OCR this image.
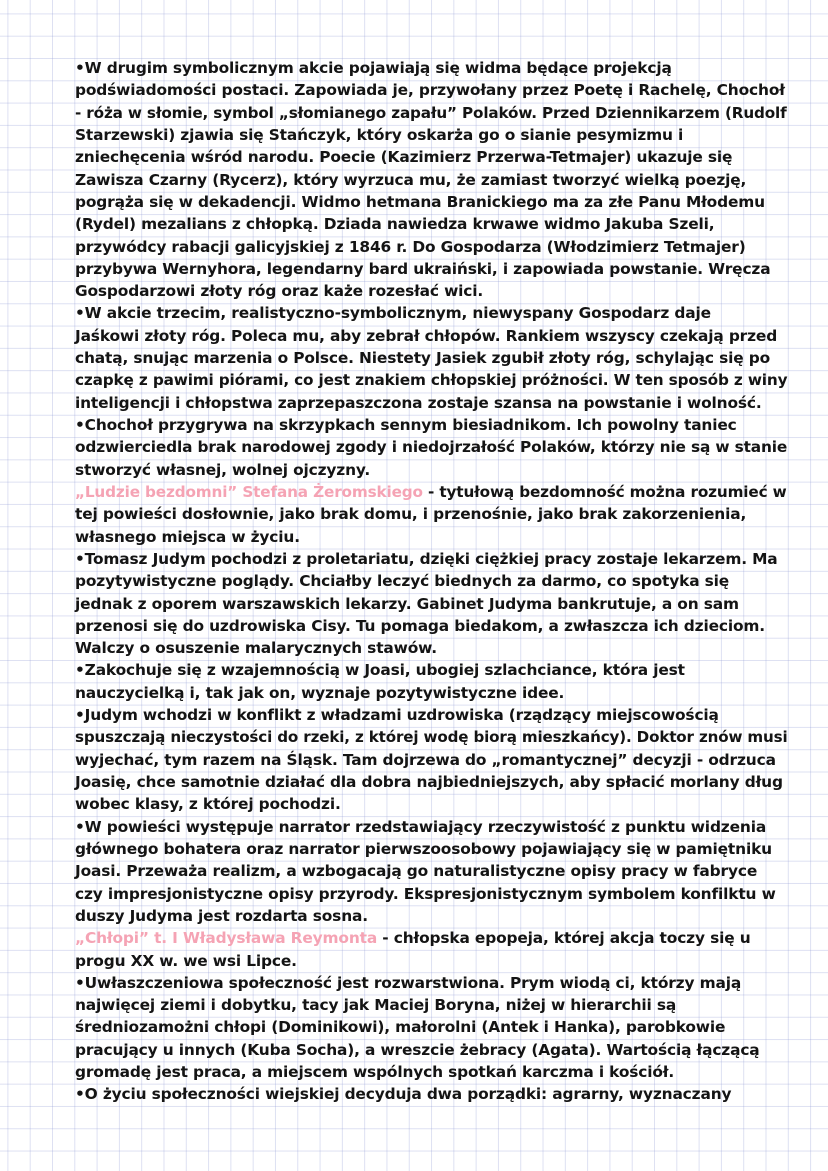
•W drugim symbolicznym akcie pojawiają się widma będące projekcją
podświadomości postaci. Zapowiada je, przywołany przez Poetę i Rachelę, Chochoł
- róża w słomie, symbol „słomianego zapału” Polaków. Przed Dziennikarzem (Rudolf
Starzewski) zjawia się Stańczyk, który oskarża go o sianie pesymizmu i
zniechęcenia wśród narodu. Poecie (Kazimierz Przerwa-Tetmajer) ukazuje się
Zawisza Czarny (Rycerz), który wyrzuca mu, że zamiast tworzyć wielką poezję,
pogrąża się w dekadencji. Widmo hetmana Branickiego ma za złe Panu Młodemu
(Rydel) mezalians z chłopką. Dziada nawiedza krwawe widmo Jakuba Szeli,
przywódcy rabacji galicyjskiej z 1846 r. Do Gospodarza (Włodzimierz Tetmajer)
przybywa Wernyhora, legendarny bard ukraiński, i zapowiada powstanie. Wręcza
Gospodarzowi złoty róg oraz każe rozesłać wici.
•W akcie trzecim, realistyczno-symbolicznym, niewyspany Gospodarz daje
Jaśkowi złoty róg. Poleca mu, aby zebrał chłopów. Rankiem wszyscy czekają przed
chatą, snując marzenia o Polsce. Niestety Jasiek zgubił złoty róg, schylając się po
czapkę z pawimi piórami, co jest znakiem chłopskiej próżności. W ten sposób z winy
inteligencji i chłopstwa zaprzepaszczona zostaje szansa na powstanie i wolność.
•Chochoł przygrywa na skrzypkach sennym biesiadnikom. Ich powolny taniec
odzwierciedla brak narodowej zgody i niedojrzałość Polaków, którzy nie są w stanie
stworzyć własnej, wolnej ojczyzny.
„Ludzie bezdomni” Stefana Żeromskiego - tytułową bezdomność można rozumieć w
tej powieści dosłownie, jako brak domu, i przenośnie, jako brak zakorzenienia,
własnego miejsca w życiu.
•Tomasz Judym pochodzi z proletariatu, dzięki ciężkiej pracy zostaje lekarzem. Ma
pozytywistyczne poglądy. Chciałby leczyć biednych za darmo, co spotyka się
jednak z oporem warszawskich lekarzy. Gabinet Judyma bankrutuje, a on sam
przenosi się do uzdrowiska Cisy. Tu pomaga biedakom, a zwłaszcza ich dzieciom.
Walczy o osuszenie malarycznych stawów.
•Zakochuje się z wzajemnością w Joasi, ubogiej szlachciance, która jest
nauczycielką i, tak jak on, wyznaje pozytywistyczne idee.
•Judym wchodzi w konflikt z władzami uzdrowiska (rządzący miejscowością
spuszczają nieczystości do rzeki, z której wodę biorą mieszkańcy). Doktor znów musi
wyjechać, tym razem na Śląsk. Tam dojrzewa do „romantycznej” decyzji - odrzuca
Joasię, chce samotnie działać dla dobra najbiedniejszych, aby spłacić morlany dług
wobec klasy, z której pochodzi.
•W powieści występuje narrator rzedstawiający rzeczywistość z punktu widzenia
głównego bohatera oraz narrator pierwszoosobowy pojawiający się w pamiętniku
Joasi. Przeważa realizm, a wzbogacają go naturalistyczne opisy pracy w fabryce
czy impresjonistyczne opisy przyrody. Ekspresjonistycznym symbolem konfilktu w
duszy Judyma jest rozdarta sosna.
„Chłopi” t. I Władysława Reymonta - chłopska epopeja, której akcja toczy się u
progu XX w. we wsi Lipce.
•Uwłaszczeniowa społeczność jest rozwarstwiona. Prym wiodą ci, którzy mają
najwięcej ziemi i dobytku, tacy jak Maciej Boryna, niżej w hierarchii są
średniozamożni chłopi (Dominikowi), małorolni (Antek i Hanka), parobkowie
pracujący u innych (Kuba Socha), a wreszcie żebracy (Agata). Wartością łączącą
gromadę jest praca, a miejscem wspólnych spotkań karczma i kościół.
•O życiu społeczności wiejskiej decyduja dwa porządki: agrarny, wyznaczany
